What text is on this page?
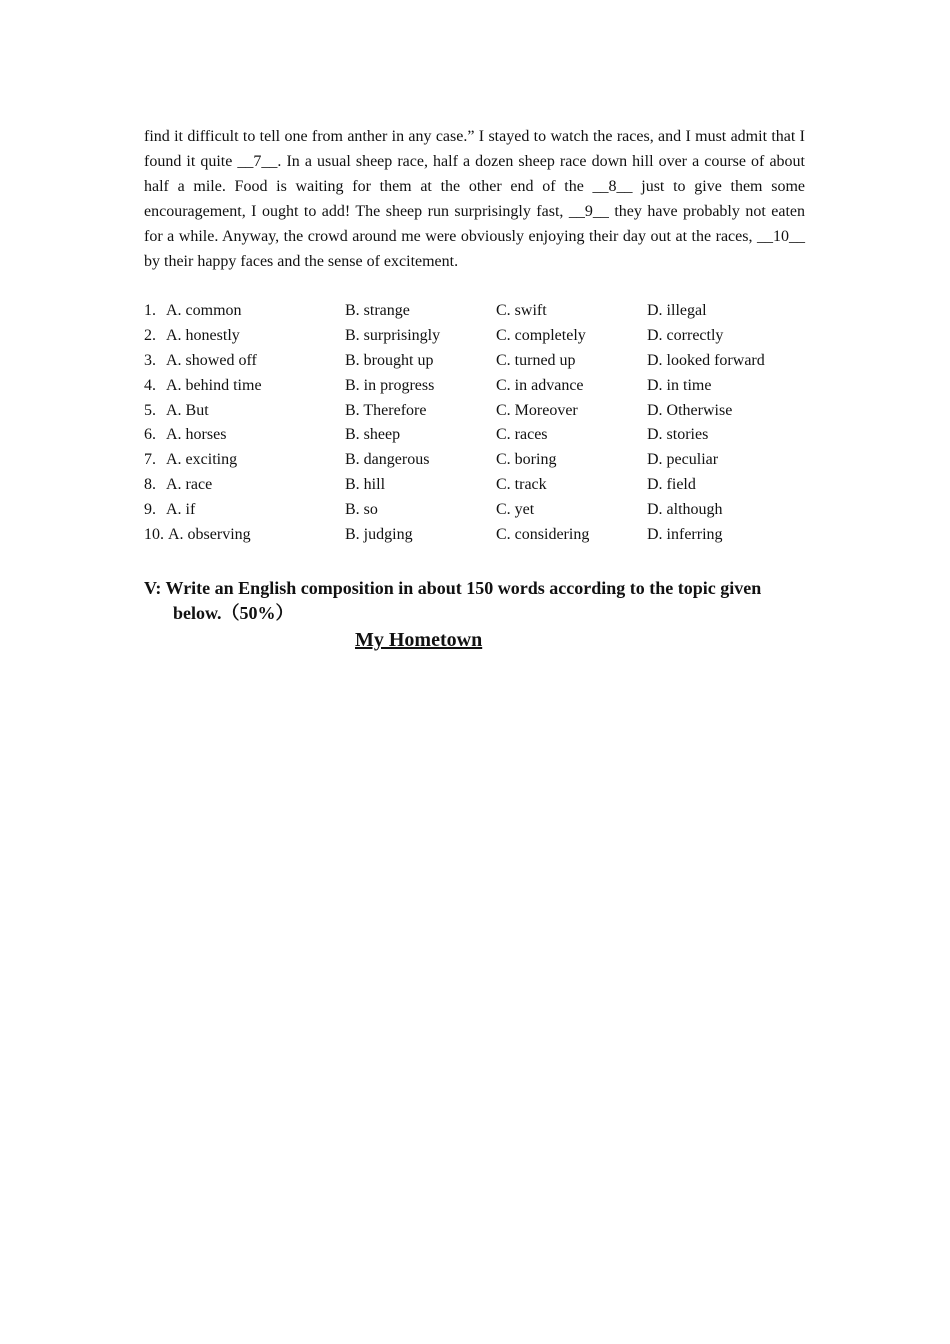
find it difficult to tell one from anther in any case.” I stayed to watch the races, and I must admit that I found it quite __7__. In a usual sheep race, half a dozen sheep race down hill over a course of about half a mile. Food is waiting for them at the other end of the __8__ just to give them some encouragement, I ought to add! The sheep run surprisingly fast, __9__ they have probably not eaten for a while. Anyway, the crowd around me were obviously enjoying their day out at the races, __10__ by their happy faces and the sense of excitement.

1. A. common	B. strange	C. swift	D. illegal
2. A. honestly	B. surprisingly	C. completely	D. correctly
3. A. showed off	B. brought up	C. turned up	D. looked forward
4. A. behind time	B. in progress	C. in advance	D. in time
5. A. But	B. Therefore	C. Moreover	D. Otherwise
6. A. horses	B. sheep	C. races	D. stories
7. A. exciting	B. dangerous	C. boring	D. peculiar
8. A. race	B. hill	C. track	D. field
9. A. if	B. so	C. yet	D. although
10. A. observing	B. judging	C. considering	D. inferring
V: Write an English composition in about 150 words according to the topic given
below.（50%）
My Hometown
